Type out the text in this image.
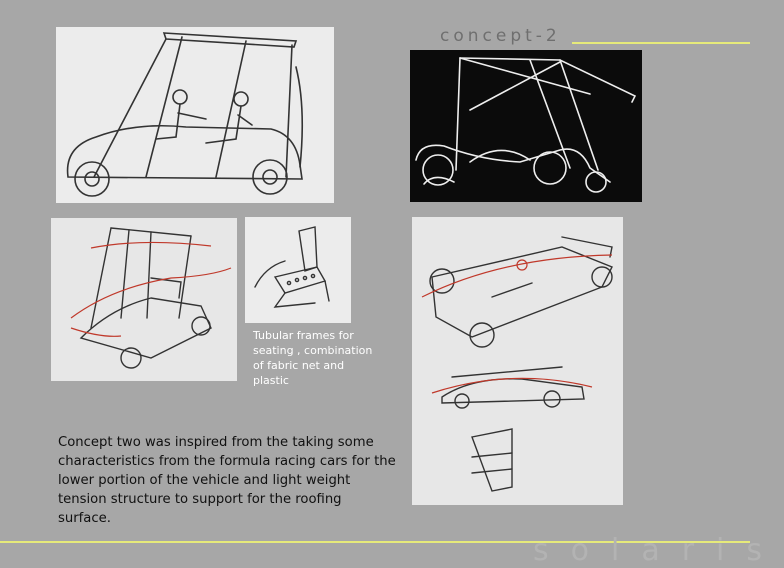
concept-2
Tubular frames for seating , combination of fabric net and plastic
Concept two was inspired from the taking some characteristics from the formula racing cars for the lower portion of the vehicle and light weight tension structure to support for the roofing surface.
solaris
